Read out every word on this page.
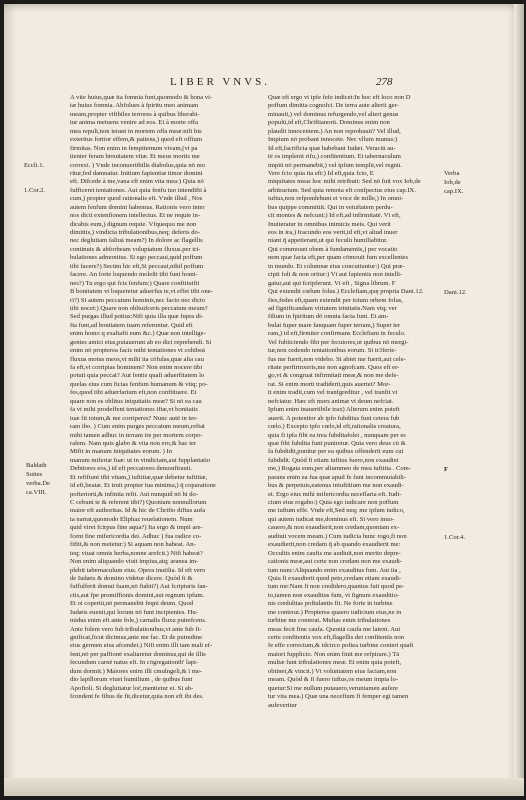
LIBER VNVS.	278
A vite huius,quæ ita fomnia funt,quomodo & bona vi-
tæ huius fomnia. Abfolues à fpiritu meo animam
meam,propter vifibiles terrores à quibus liberabi-
tur anima metuens venire ad eos. Et à morte offa
mea repuli,non ierant in mortem offa meæ:nifi his
exteritus fortior effem,& patiens,) quod eft offium
firmitas. Non enim in fempiternum vivam,(vt pa
tienter feram breuitatem vitæ. Et meus mortis me
correxi. ) Vnde inconuertibilis diabolus,quia nō mo
ritur,fed damnatur. Initium fapientiæ timor domini
eft. Difcede à me,vana eft enim vita mea:) Quia nō
fufficeret tentationes. Aut quia fenfu tuo intendifti à
cum,) propter quod rationalis eft. Vnde illud , Nos
autem fenfum domini habemus. Rationis vero inter
nos dicit extenfionem intellectus. Et ne requie in-
dicabis eum,) dignum requie. Vfquequo me non
dimittis,) vindicta tribulationibus,neq; deferis do-
nec deglutiam faliuā meam?) In dolore ac flagellis
continuis & abforbeam voluptatum fluxus.per tri-
bulationes admonitus. Si ego peccaui,quid poffum
tibi facere?) Secūm hic eft,Si peccaui,nihil poffum
facere. An forte loquendo moleſti tibi funt homi-
nes?) Tu ergo qui fcis fenfum:) Quare conftituifti
B bonitatem vt loqueretur aduerfus te,vt effet tibi one-
ri?) Si autem peccatum hominis,nec facto nec dicto
tibi nocet:) Quare non obliuifceris peccatum meum?
Sed purgas illud potius:Nifi quia illa quæ fupra di-
fta funt,ad bonitatem tuam referuntur. Quid eft
enim homo q exaltafti eum &c.) Quæ non intellige-
gentes amici eius,putauerunt ab eo dici reprehendi. Si
enim nō propterea facis mihi tentationes vt cohibeā
fluxus motus meos,vt mihi ita cōfulas,quæ alia cau
fa eft,vt corripias hominem? Non enim nocere tibi
potuit quia peccat? Aut fentis quafi aduerfitatem lo
quelas eius cum ficias fenfum humanum & vtiq; po-
fes,quod tibi aduerfarium eft,non conftituere. Et
quare non es oblitus iniquitatis meæ? Si nō ea cau
fa vt mihi prodeffent tentationes iftæ,vt bonitatis
tuæ fit totum,& me corriperes? Nunc autē in ter-
ram ibo. ) Cum enim purges peccatum meum,reftat
mihi tamen adhuc in terram ire per mortem corpo-
ralem. Nam quis glabo & vita non ero,& hac ter
Mifit in manum iniquitates eorum. ) In
manum miferiæ fuæ: ut in vindictam,aut fupplantatio
Debitores eos,) id eft peccatores demonftrauit.
Et refiftunt tibi vitam,) iuftitiæ,quæ debetur iuftitiæ,
id eft,beatæ. Et truit propter tua minima,) q̄ coparatione
pofteriorū,& infinita refit. Aut nunquid nō hi do-
C cebunt te & referent tibi?) Quoniam nonnullorum
maior eft authoritas. Id & hic de Chrifto diftus aufa
ta narrat,quomodo Eliphaz reuelationem. Num
quid viret fcirpus fine aqua?) Ita ergo & impii are-
fcent fine mifericordia dei. Adhuc ) fua radice co-
fiftit,& non metetur:) Si aquam non habeat. An-
teq; viuat omnis herba,nonne arefcit.) Nifi habeat?
Non enim aliquando viuit impius,atq; aranea im-
plebit tabernaculum eius. Opera inutilia. Id eft vero
de Iudæis & domino videtur dicere. Quòd fi &
fuffulferit domui fuam,nō ftabit?) Aut fcripturis fan-
ctis,aut fpe promiffionis domini,aut regnum ipfum.
Et oi copertū,nō permanebit feqni deum. Quod
Iudæis euenit,qui locum nō funt incipientes. Hu-
midus enim eft ante fole,) carnalis fluxu putrefcens.
Ante folem vero fub tribulationibus,vt ante fub fi-
gnificat,ficut dicimus,ante me fac. Et de putredine
eius germen eius afcendet.) Nifi enim illi tam mali ef-
fent,nō per paffionē exaltaretur dominus,qui de illis
fecundum carnē natus eft. In cōgregationib' lapi-
dum dormit.) Maiores enim illi cmulngeli,& ī me-
dio lapillorum viuet humilium , de quibus funt
Apoftoli. Si deglutiatur loc̄,mentietur ei. Si ab-
fcondent fe fibus de fit,dicetur,quia non eft ibi des.
Quæ eft ergo vt ipfe fefe indicet:In hoc eft loco non D
poffum dimitta cognofci. De terra aute alterii ger-
minauit,) vel dominus refurgendo,vel alteri genus
populū,id eft,Chriftianorū. Dominus enim non
plaudit innocentem.) An non reprobauit? Vel illud,
Impium nō probant innocete. Nec vllum munus:)
Id eft,facrificia quæ habebant Iudæi. Veraciū au-
tē os implenit rifu,) confitentium. Et tabernaculum
impiū nō permanebit,) vel ipfum templū,vel regnū.
Vere fcio quia ita eft:) Id eft,quia fcio, E
iniquitates meas hoc mihi retribuit: Sed nō fuit vox Iob,de
arbitrarium. Sed quia remota eft confpectus eius cap.IX.
iuftus,non refpondebunt ei voce de mille,) In omni-
bus quippe committit. Qui in vetuftatem perdu-
cit montes & nefcunt:) Id eft,ad infirmitatē. Vt eft,
Inuiteratur in omnibus inimicis meis. Qui verit
eos in ira,) Iracundo eos verit,id eft,vt aliud inuer
niant q̄ appetierant,ut qui feculū humiliabitur.
Qui commouet obem à fundamentis,) per vocatio
nem quæ facta eft,per quam cōmouit fum excellentes
in mundo. Et columnæ eius concutiuntur:) Qui præ-
cipit foli & non oritur:) Vt aut fapientis non intelli-
gatur,aut qui fcripferunt. Vt eft , Signa librum. F
Qui extendit cœlum folus.) Ecclefiam,quę propria Dani.12.
fies,fedes eft,quam extendit per totum orbem folus,
ad fignificandam virtutem trinitatis.Nam vtq; ver
filium in fpiritum dō omnia facta funt. Et am-
bulat fuper mare fanquam fuper terram,) Super ter
ram,) id eft,firmiter confirmans Ecclefiam in feculo.
Vel fubiiciendo fibi per fecutores,ut quibus nō mergi-
tur,non cedendo tentationibus eorum. Si tr3ferie-
fus me fuerit,non videbo. Si abiet me fuerit,aut cele-
ritate perftrinxeris,me non agnofcam. Quos eft er-
go,vt & congruat infirmitati meæ,& non me defe-
rat. Si enim morti tradiderit,quis auertet? Mor-
ti enim tradit,cum vel tranfgreditur , vel tranfit vt
nefciatur. Hæc eft mors animæ vt deum nefciat.
Ipfum enim inauertibile trax) Alterum enim poteft
auerti. A potentior ab ipfo fubditus funt cetera fub
cœlo.) Excepto ipfo cœlo,id eft,rationalis creatura,
quia fi ipfa fibi ea trea fubditafolet , nunquam per es
quæ fibi fubdita funt puniretur. Quia vero deus cū &
fa fubdidit,punitur per ea quibus offenderit eum cui
fubdidit. Quòd fi etiam iuftius fuero,non exaudiet
me,) Rogata eum,per aliummeo de mea iuftitia . Com-
parans enim ea fua quæ apud fe funt incommutabili-
bus & perpetuis,eatenus iniuftitium me non exaudi-
et. Ergo eius mihi mifericordia necefſaria eft. Iudi-
cium eius rogabo:) Quia ego iudicare non poffum
me iuftum effe. Vnde eft,Sed neq; me ipfum iudico,
qui autem iudicat me,dominus eft. Si vero inuo-
cauero,& non exaudierit,non credam,quoniam ex-
audiuit vocem meam.) Cum iudicia hunc rogo,fi non
exaudierit,non credam q̄ ab quando exaudierit me:
Occultis enim caufis me audiuit,non merito depre-
cationis meæ,aut certe non credam non me exaudi-
tum nunc:Aliquando enim exauditus fum. Aut ita ,
Quia fi exaudierit quod peto,credam etiam exaudi-
tum me:Nam fi non credidero,quantus fuit quod pe-
to,tamen non exauditus fum, vt fignum exauditio-
nis credulitas poftulantis fit. Ne forte in turbine
me conterat.) Propterea quaero iudicium eius,ne in
turbine me conterat. Multas enim tribulationes
meas fecit fine caufa. Quoniā caufa me latent. Aut
certe confitentis vox eft,flagellis dei confitentis non
fe effe correctum,& idcirco poftea turbine conteri quafi
maiori fupplicio. Non enim finit me refpirare.) Tā
multæ funt tribulationes meæ. Et enim quia poteft,
obtinet,& vincit.) Vt voluntatem eius faciam,non
meam. Quòd & fi fuero iuftus,os meum impia lo-
quetur:Si me nullum putauero,veruntamen aufere
tur vita mea.) Quæ una necefium fi femper egi tamen
aufeveritur
Eccli.1.
1.Cor.2.
Baldath
Suites
verba.De
ca.VIII.
Verba
Iob,de
cap.IX.
Dani.12.
1.Cor.4.
F
